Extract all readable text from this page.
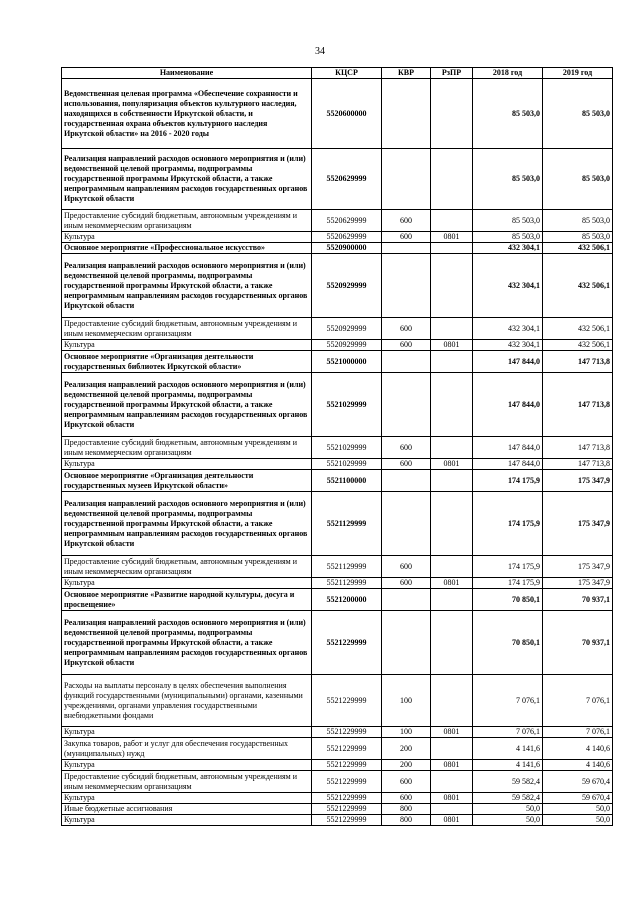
34
Наименование	КЦСР	КВР	РзПР	2018 год	2019 год
Ведомственная целевая программа «Обеспечение сохранности и использования, популяризация объектов культурного наследия, находящихся в собственности Иркутской области, и государственная охрана объектов культурного наследия Иркутской области» на 2016 - 2020 годы	5520600000			85 503,0	85 503,0
Реализация направлений расходов основного мероприятия и (или) ведомственной целевой программы, подпрограммы государственной программы Иркутской области, а также непрограммным направлениям расходов государственных органов Иркутской области	5520629999			85 503,0	85 503,0
Предоставление субсидий бюджетным, автономным учреждениям и иным некоммерческим организациям	5520629999	600		85 503,0	85 503,0
Культура	5520629999	600	0801	85 503,0	85 503,0
Основное мероприятие «Профессиональное искусство»	5520900000			432 304,1	432 506,1
Реализация направлений расходов основного мероприятия и (или) ведомственной целевой программы, подпрограммы государственной программы Иркутской области, а также непрограммным направлениям расходов государственных органов Иркутской области	5520929999			432 304,1	432 506,1
Предоставление субсидий бюджетным, автономным учреждениям и иным некоммерческим организациям	5520929999	600		432 304,1	432 506,1
Культура	5520929999	600	0801	432 304,1	432 506,1
Основное мероприятие «Организация деятельности государственных библиотек Иркутской области»	5521000000			147 844,0	147 713,8
Реализация направлений расходов основного мероприятия и (или) ведомственной целевой программы, подпрограммы государственной программы Иркутской области, а также непрограммным направлениям расходов государственных органов Иркутской области	5521029999			147 844,0	147 713,8
Предоставление субсидий бюджетным, автономным учреждениям и иным некоммерческим организациям	5521029999	600		147 844,0	147 713,8
Культура	5521029999	600	0801	147 844,0	147 713,8
Основное мероприятие «Организация деятельности государственных музеев Иркутской области»	5521100000			174 175,9	175 347,9
Реализация направлений расходов основного мероприятия и (или) ведомственной целевой программы, подпрограммы государственной программы Иркутской области, а также непрограммным направлениям расходов государственных органов Иркутской области	5521129999			174 175,9	175 347,9
Предоставление субсидий бюджетным, автономным учреждениям и иным некоммерческим организациям	5521129999	600		174 175,9	175 347,9
Культура	5521129999	600	0801	174 175,9	175 347,9
Основное мероприятие «Развитие народной культуры, досуга и просвещение»	5521200000			70 850,1	70 937,1
Реализация направлений расходов основного мероприятия и (или) ведомственной целевой программы, подпрограммы государственной программы Иркутской области, а также непрограммным направлениям расходов государственных органов Иркутской области	5521229999			70 850,1	70 937,1
Расходы на выплаты персоналу в целях обеспечения выполнения функций государственными (муниципальными) органами, казенными учреждениями, органами управления государственными внебюджетными фондами	5521229999	100		7 076,1	7 076,1
Культура	5521229999	100	0801	7 076,1	7 076,1
Закупка товаров, работ и услуг для обеспечения государственных (муниципальных) нужд	5521229999	200		4 141,6	4 140,6
Культура	5521229999	200	0801	4 141,6	4 140,6
Предоставление субсидий бюджетным, автономным учреждениям и иным некоммерческим организациям	5521229999	600		59 582,4	59 670,4
Культура	5521229999	600	0801	59 582,4	59 670,4
Иные бюджетные ассигнования	5521229999	800		50,0	50,0
Культура	5521229999	800	0801	50,0	50,0
